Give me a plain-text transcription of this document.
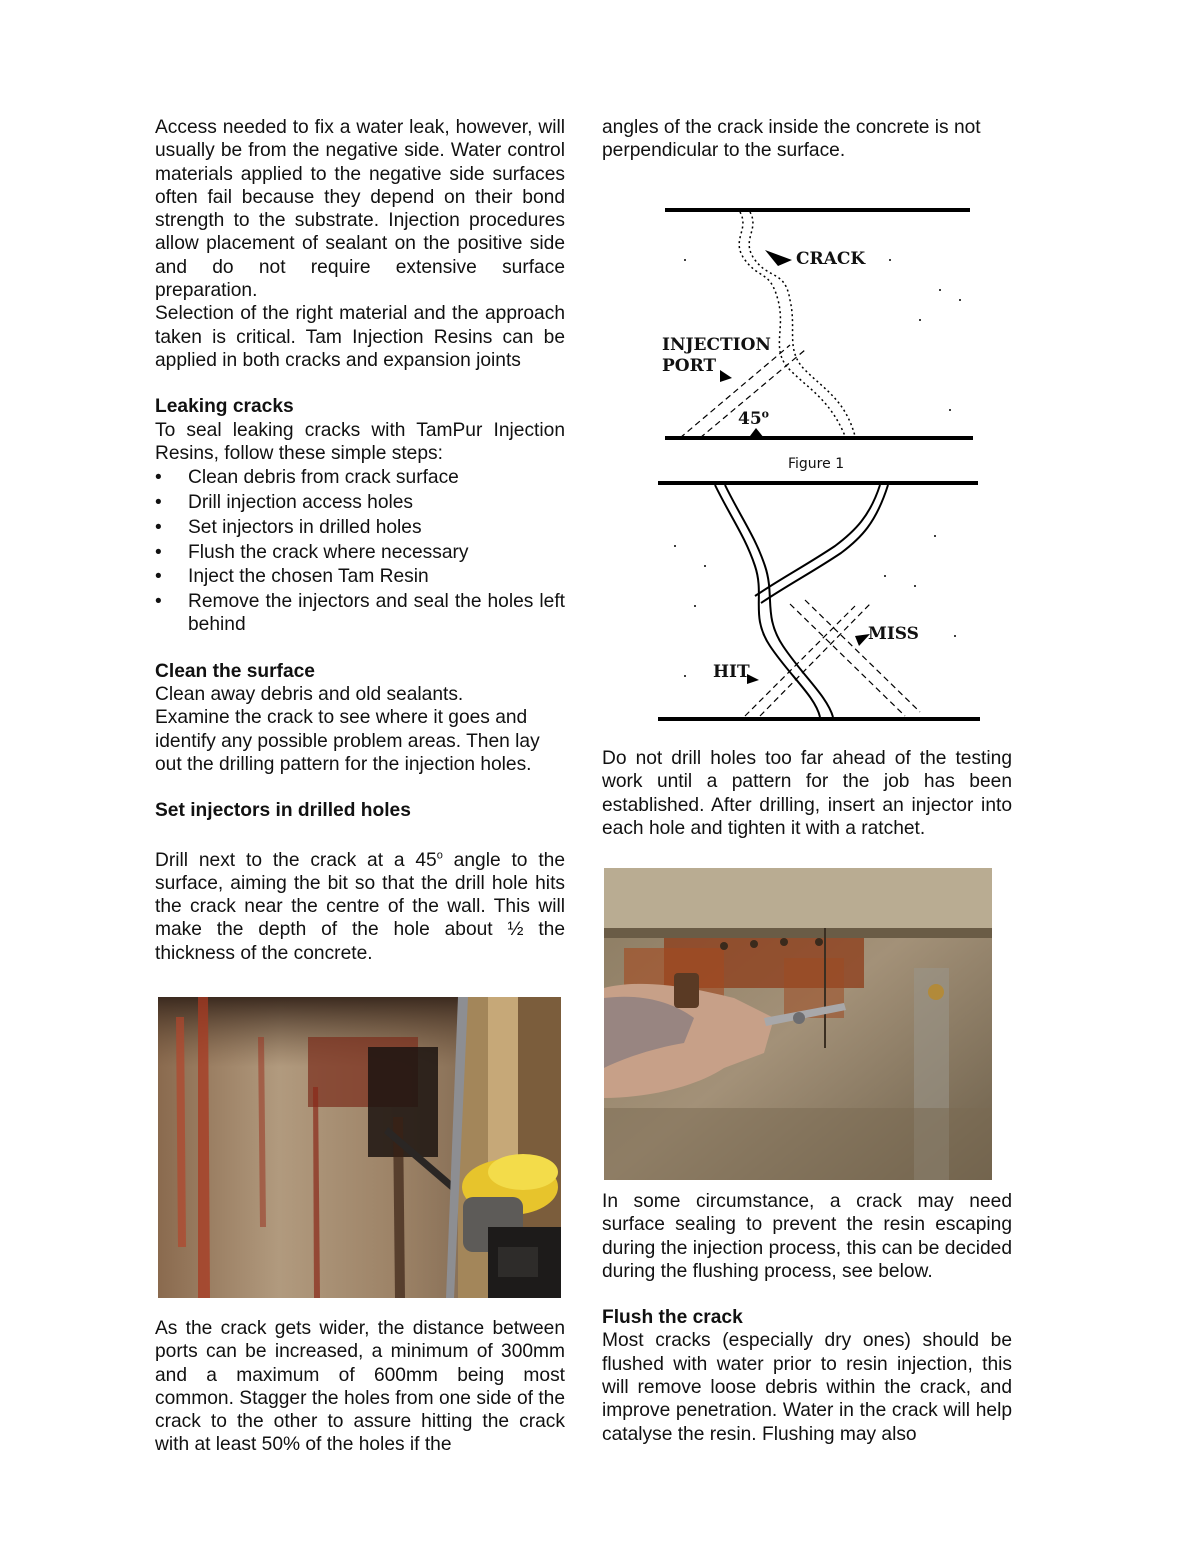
Access needed to fix a water leak, however, will usually be from the negative side. Water control materials applied to the negative side surfaces often fail because they depend on their bond strength to the substrate. Injection procedures allow placement of sealant on the positive side and do not require extensive surface preparation.

Selection of the right material and the approach taken is critical. Tam Injection Resins can be applied in both cracks and expansion joints

Leaking cracks

To seal leaking cracks with TamPur Injection Resins, follow these simple steps:

• Clean debris from crack surface
• Drill injection access holes
• Set injectors in drilled holes
• Flush the crack where necessary
• Inject the chosen Tam Resin
• Remove the injectors and seal the holes left behind
Clean the surface

Clean away debris and old sealants.

Examine the crack to see where it goes and identify any possible problem areas. Then lay out the drilling pattern for the injection holes.

Set injectors in drilled holes

Drill next to the crack at a 45$^o$ angle to the surface, aiming the bit so that the drill hole hits the crack near the centre of the wall. This will make the depth of the hole about ½ the thickness of the concrete.

As the crack gets wider, the distance between ports can be increased, a minimum of 300mm and a maximum of 600mm being most common. Stagger the holes from one side of the crack to the other to assure hitting the crack with at least 50% of the holes if the

angles of the crack inside the concrete is not perpendicular to the surface.

CRACK
INJECTION
PORT
45$^o$
Figure 1
MISS
HIT

Do not drill holes too far ahead of the testing work until a pattern for the job has been established. After drilling, insert an injector into each hole and tighten it with a ratchet.

In some circumstance, a crack may need surface sealing to prevent the resin escaping during the injection process, this can be decided during the flushing process, see below.

Flush the crack

Most cracks (especially dry ones) should be flushed with water prior to resin injection, this will remove loose debris within the crack, and improve penetration. Water in the crack will help catalyse the resin. Flushing may also
